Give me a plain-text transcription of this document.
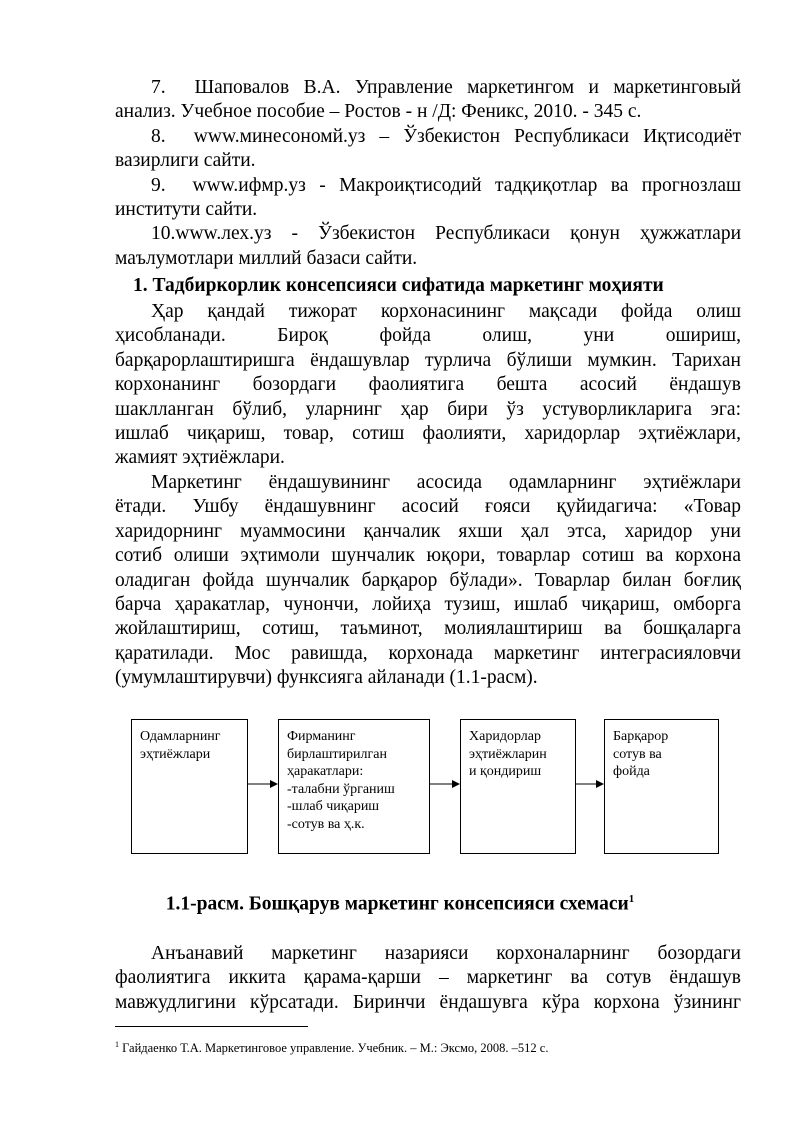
7. Шаповалов В.А. Управление маркетингом и маркетинговый
анализ. Учебное пособие – Ростов - н /Д: Феникс, 2010. - 345 с.
8. www.минесономй.уз – Ўзбекистон Республикаси Иқтисодиёт
вазирлиги сайти.
9. www.ифмр.уз - Макроиқтисодий тадқиқотлар ва прогнозлаш
институти сайти.
10.www.лех.уз - Ўзбекистон Республикаси қонун ҳужжатлари
маълумотлари миллий базаси сайти.
1. Тадбиркорлик консепсияси сифатида маркетинг моҳияти
Ҳар қандай тижорат корхонасининг мақсади фойда олиш
ҳисобланади. Бироқ фойда олиш, уни ошириш,
барқарорлаштиришга ёндашувлар турлича бўлиши мумкин. Тарихан
корхонанинг бозордаги фаолиятига бешта асосий ёндашув
шаклланган бўлиб, уларнинг ҳар бири ўз устуворликларига эга:
ишлаб чиқариш, товар, сотиш фаолияти, харидорлар эҳтиёжлари,
жамият эҳтиёжлари.
Маркетинг ёндашувининг асосида одамларнинг эҳтиёжлари
ётади. Ушбу ёндашувнинг асосий ғояси қуйидагича: «Товар
харидорнинг муаммосини қанчалик яхши ҳал этса, харидор уни
сотиб олиши эҳтимоли шунчалик юқори, товарлар сотиш ва корхона
оладиган фойда шунчалик барқарор бўлади». Товарлар билан боғлиқ
барча ҳаракатлар, чунончи, лойиҳа тузиш, ишлаб чиқариш, омборга
жойлаштириш, сотиш, таъминот, молиялаштириш ва бошқаларга
қаратилади. Мос равишда, корхонада маркетинг интеграсияловчи
(умумлаштирувчи) функсияга айланади (1.1-расм).
Одамларнинг
эҳтиёжлари
Фирманинг
бирлаштирилган
ҳаракатлари:
-талабни ўрганиш
-шлаб чиқариш
-сотув ва ҳ.к.
Харидорлар
эҳтиёжларин
и қондириш
Барқарор
сотув ва
фойда
1.1-расм. Бошқарув маркетинг консепсияси схемаси$^1$
Анъанавий маркетинг назарияси корхоналарнинг бозордаги
фаолиятига иккита қарама-қарши – маркетинг ва сотув ёндашув
мавжудлигини кўрсатади. Биринчи ёндашувга кўра корхона ўзининг
$^1$ Гайдаенко Т.А. Маркетинговое управление. Учебник. – М.: Эксмо, 2008. –512 с.
